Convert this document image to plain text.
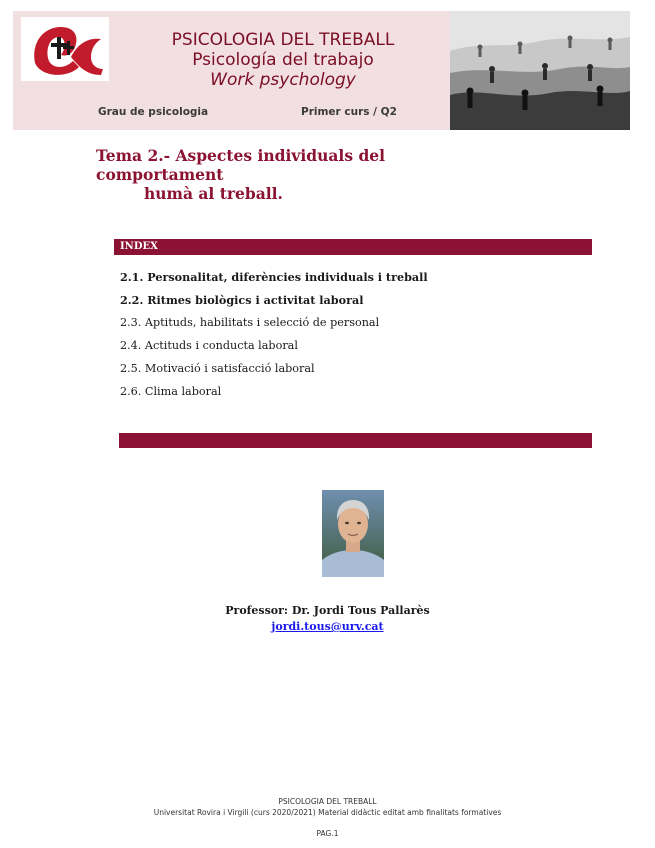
PSICOLOGIA DEL TREBALL
Psicología del trabajo
Work psychology
Grau de psicologia	Primer curs / Q2
Tema 2.- Aspectes individuals del comportament
humà al treball.
INDEX
2.1. Personalitat, diferències individuals i treball
2.2. Ritmes biològics i activitat laboral
2.3. Aptituds, habilitats i selecció de personal
2.4. Actituds i conducta laboral
2.5. Motivació i satisfacció laboral
2.6. Clima laboral
Professor: Dr. Jordi Tous Pallarès
jordi.tous@urv.cat
PSICOLOGIA DEL TREBALL
Universitat Rovira i Virgili (curs 2020/2021) Material didàctic editat amb finalitats formatives
PAG.1
